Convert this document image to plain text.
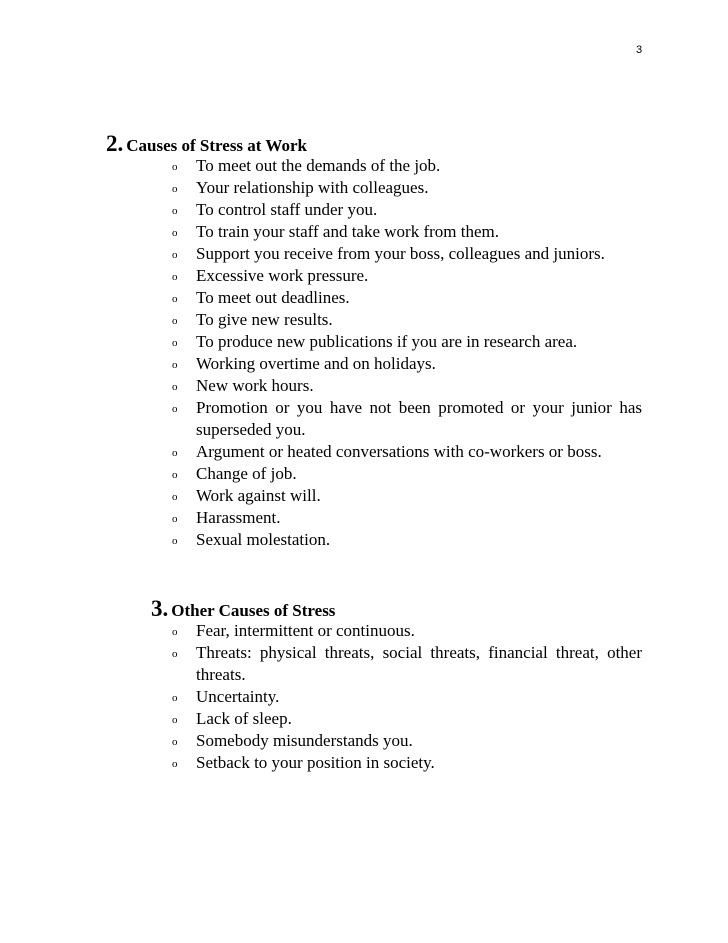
3
2. Causes of Stress at Work
o To meet out the demands of the job.
o Your relationship with colleagues.
o To control staff under you.
o To train your staff and take work from them.
o Support you receive from your boss, colleagues and juniors.
o Excessive work pressure.
o To meet out deadlines.
o To give new results.
o To produce new publications if you are in research area.
o Working overtime and on holidays.
o New work hours.
o Promotion or you have not been promoted or your junior has superseded you.
o Argument or heated conversations with co-workers or boss.
o Change of job.
o Work against will.
o Harassment.
o Sexual molestation.
3. Other Causes of Stress
o Fear, intermittent or continuous.
o Threats: physical threats, social threats, financial threat, other threats.
o Uncertainty.
o Lack of sleep.
o Somebody misunderstands you.
o Setback to your position in society.
